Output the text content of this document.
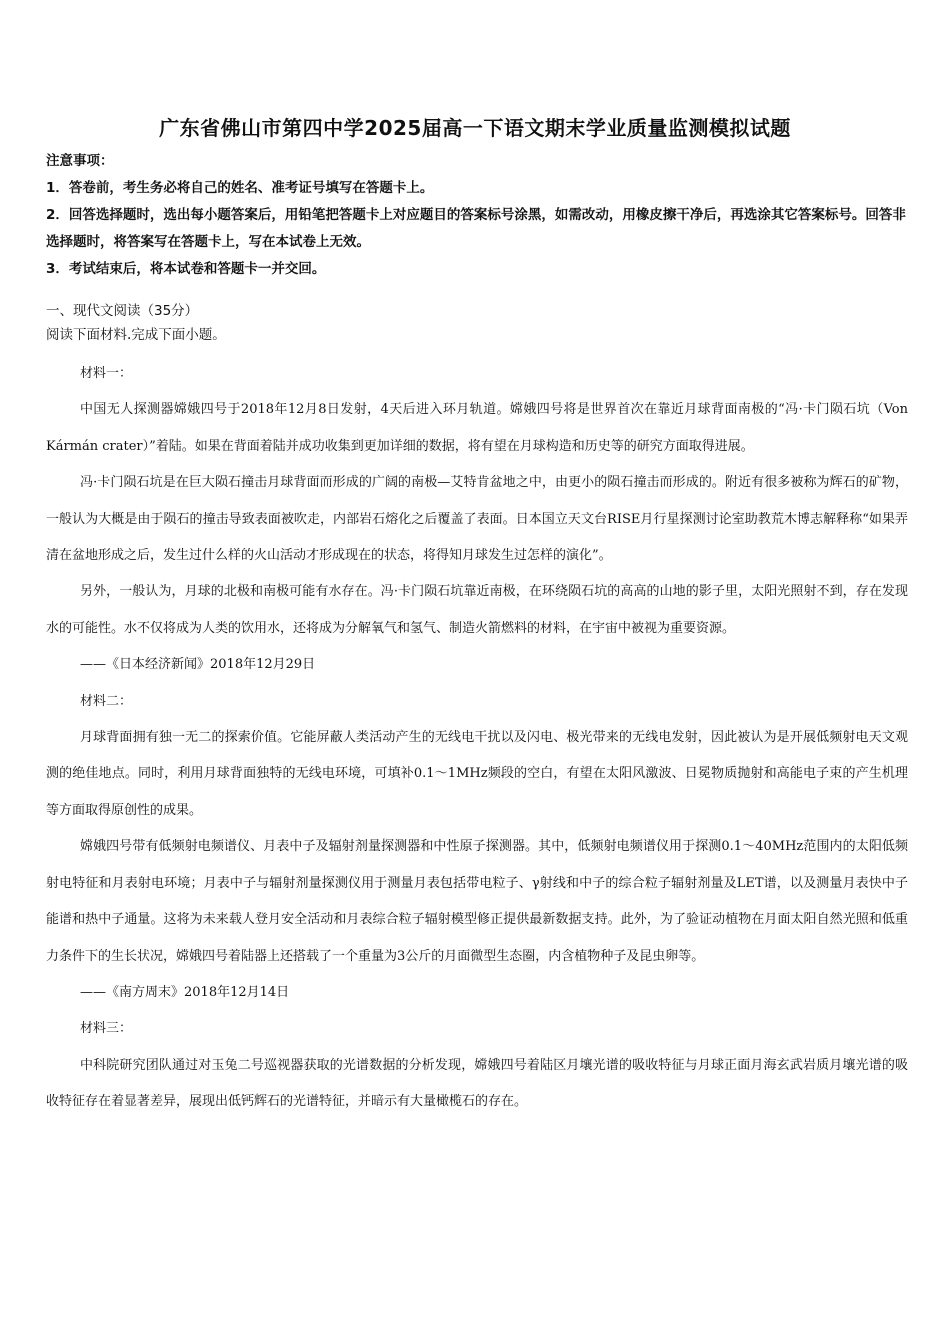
广东省佛山市第四中学2025届高一下语文期末学业质量监测模拟试题

注意事项：

1．答卷前，考生务必将自己的姓名、准考证号填写在答题卡上。

2．回答选择题时，选出每小题答案后，用铅笔把答题卡上对应题目的答案标号涂黑，如需改动，用橡皮擦干净后，再选涂其它答案标号。回答非选择题时，将答案写在答题卡上，写在本试卷上无效。

3．考试结束后，将本试卷和答题卡一并交回。

一、现代文阅读（35分）
阅读下面材料.完成下面小题。

材料一：

中国无人探测器嫦娥四号于2018年12月8日发射，4天后进入环月轨道。嫦娥四号将是世界首次在靠近月球背面南极的“冯·卡门陨石坑（Von Kármán crater）”着陆。如果在背面着陆并成功收集到更加详细的数据，将有望在月球构造和历史等的研究方面取得进展。

冯·卡门陨石坑是在巨大陨石撞击月球背面而形成的广阔的南极—艾特肯盆地之中，由更小的陨石撞击而形成的。附近有很多被称为辉石的矿物，一般认为大概是由于陨石的撞击导致表面被吹走，内部岩石熔化之后覆盖了表面。日本国立天文台RISE月行星探测讨论室助教荒木博志解释称“如果弄清在盆地形成之后，发生过什么样的火山活动才形成现在的状态，将得知月球发生过怎样的演化”。

另外，一般认为，月球的北极和南极可能有水存在。冯·卡门陨石坑靠近南极，在环绕陨石坑的高高的山地的影子里，太阳光照射不到，存在发现水的可能性。水不仅将成为人类的饮用水，还将成为分解氧气和氢气、制造火箭燃料的材料，在宇宙中被视为重要资源。

——《日本经济新闻》2018年12月29日

材料二：

月球背面拥有独一无二的探索价值。它能屏蔽人类活动产生的无线电干扰以及闪电、极光带来的无线电发射，因此被认为是开展低频射电天文观测的绝佳地点。同时，利用月球背面独特的无线电环境，可填补0.1～1MHz频段的空白，有望在太阳风激波、日冕物质抛射和高能电子束的产生机理等方面取得原创性的成果。

嫦娥四号带有低频射电频谱仪、月表中子及辐射剂量探测器和中性原子探测器。其中，低频射电频谱仪用于探测0.1～40MHz范围内的太阳低频射电特征和月表射电环境；月表中子与辐射剂量探测仪用于测量月表包括带电粒子、γ射线和中子的综合粒子辐射剂量及LET谱，以及测量月表快中子能谱和热中子通量。这将为未来载人登月安全活动和月表综合粒子辐射模型修正提供最新数据支持。此外，为了验证动植物在月面太阳自然光照和低重力条件下的生长状况，嫦娥四号着陆器上还搭载了一个重量为3公斤的月面微型生态圈，内含植物种子及昆虫卵等。

——《南方周末》2018年12月14日

材料三：

中科院研究团队通过对玉兔二号巡视器获取的光谱数据的分析发现，嫦娥四号着陆区月壤光谱的吸收特征与月球正面月海玄武岩质月壤光谱的吸收特征存在着显著差异，展现出低钙辉石的光谱特征，并暗示有大量橄榄石的存在。
